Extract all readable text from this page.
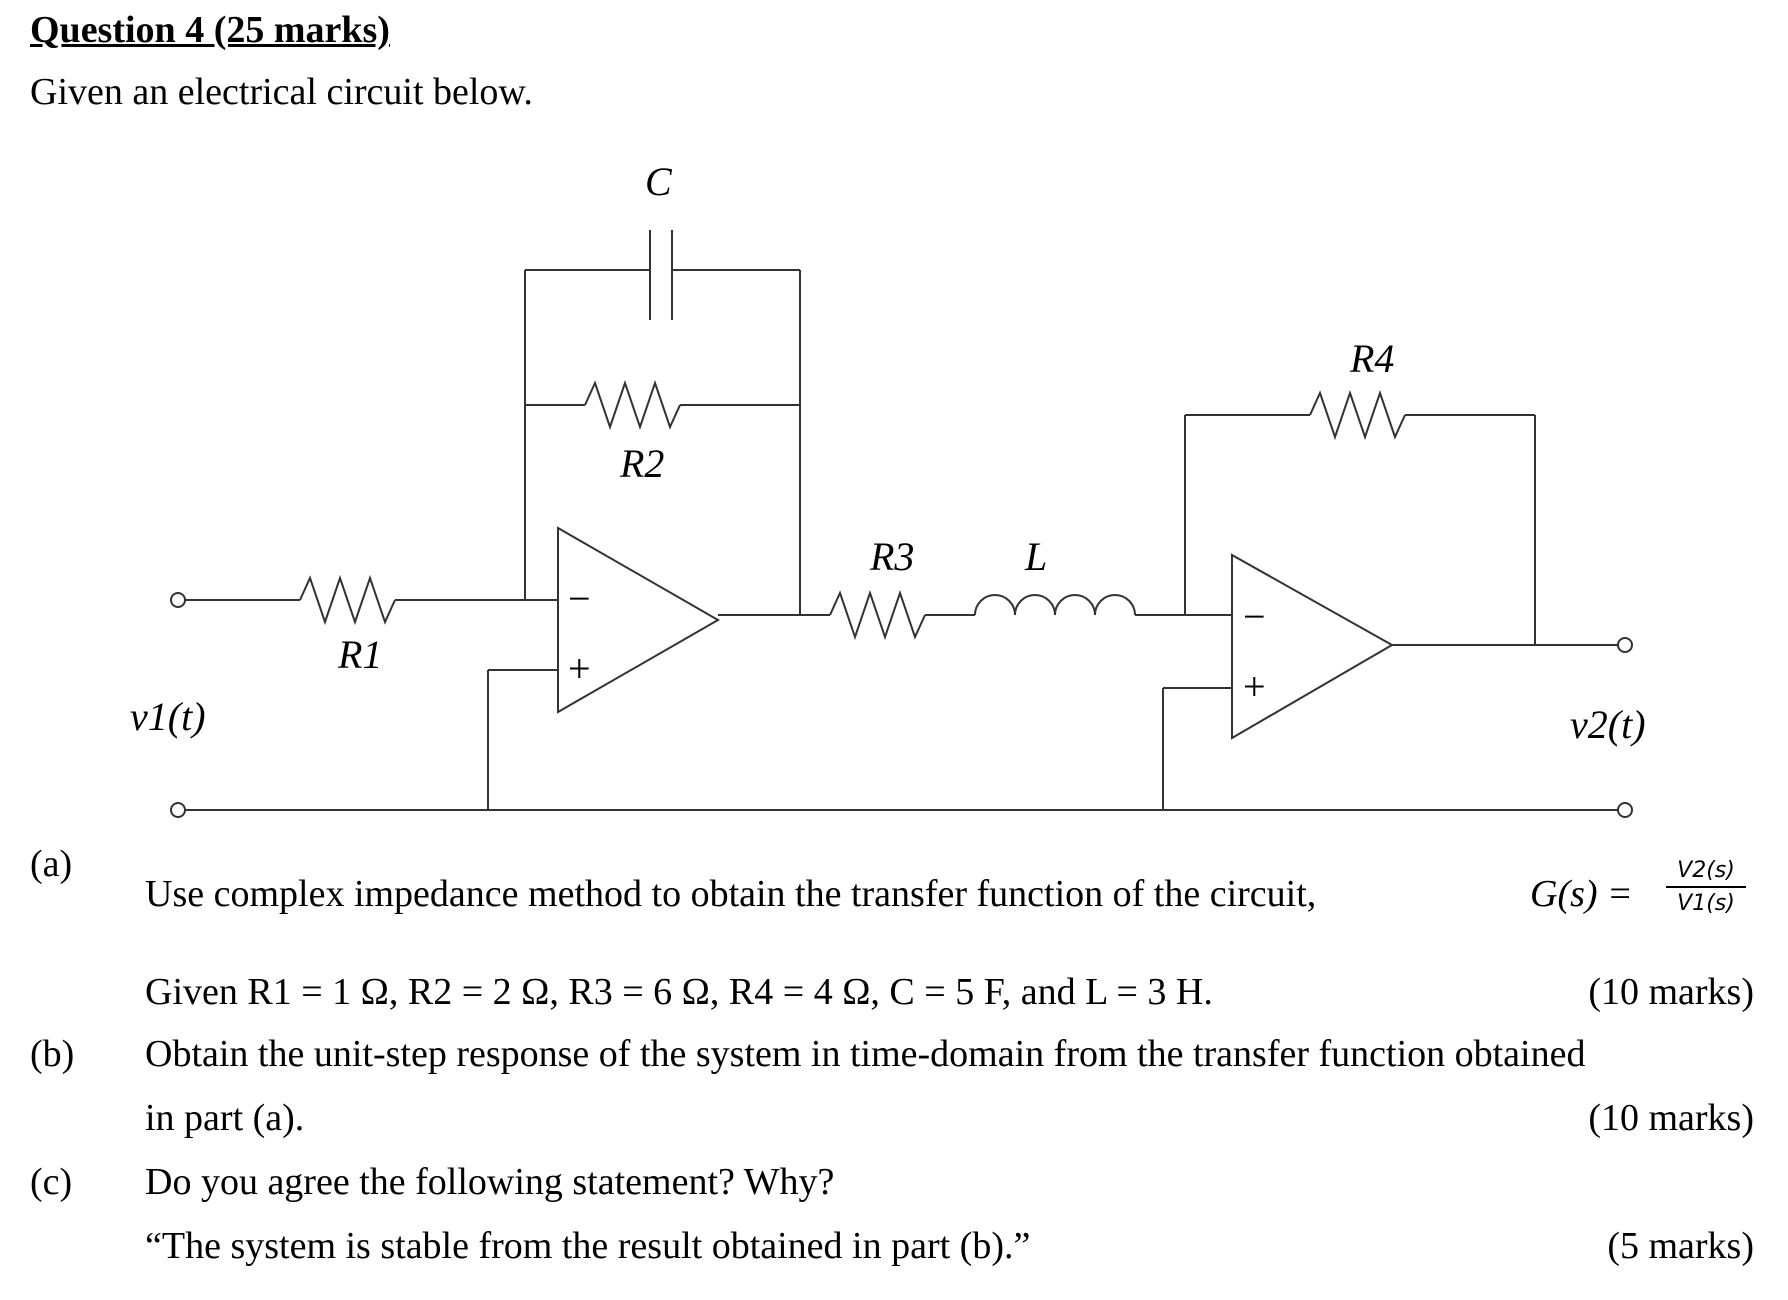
Question 4 (25 marks)
Given an electrical circuit below.
C
R2
R1
R3	L
R4
v1(t)	v2(t)
−
+
−
+
(a)
Use complex impedance method to obtain the transfer function of the circuit,	$G(s) = \frac{V2(s)}{V1(s)}$
Given R1 = 1 Ω, R2 = 2 Ω, R3 = 6 Ω, R4 = 4 Ω, C = 5 F, and L = 3 H.	(10 marks)
(b) Obtain the unit-step response of the system in time-domain from the transfer function obtained
in part (a).	(10 marks)
(c) Do you agree the following statement? Why?
“The system is stable from the result obtained in part (b).”	(5 marks)
